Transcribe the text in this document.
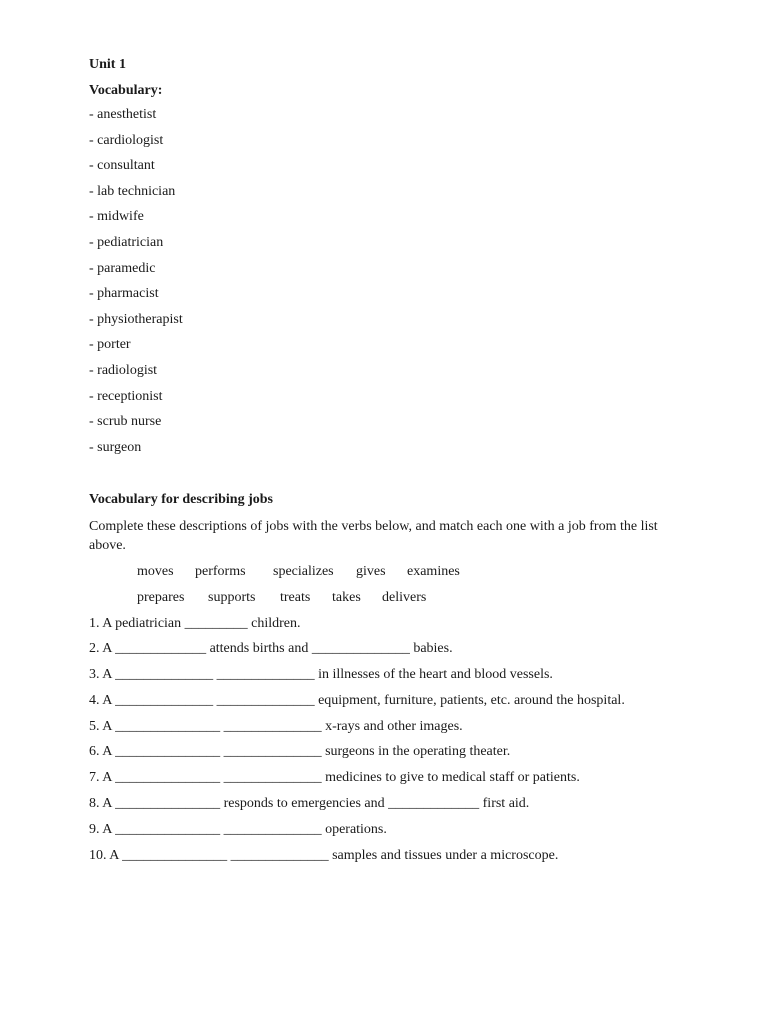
Unit 1
Vocabulary:
- anesthetist
- cardiologist
- consultant
- lab technician
- midwife
- pediatrician
- paramedic
- pharmacist
- physiotherapist
- porter
- radiologist
- receptionist
- scrub nurse
- surgeon
Vocabulary for describing jobs
Complete these descriptions of jobs with the verbs below, and match each one with a job from the list above.
moves performs specializes gives examines
prepares supports treats takes delivers
1. A pediatrician _________ children.
2. A _____________ attends births and ______________ babies.
3. A ______________ ______________ in illnesses of the heart and blood vessels.
4. A ______________ ______________ equipment, furniture, patients, etc. around the hospital.
5. A _______________ ______________ x-rays and other images.
6. A _______________ ______________ surgeons in the operating theater.
7. A _______________ ______________ medicines to give to medical staff or patients.
8. A _______________ responds to emergencies and _____________ first aid.
9. A _______________ ______________ operations.
10. A _______________ ______________ samples and tissues under a microscope.
